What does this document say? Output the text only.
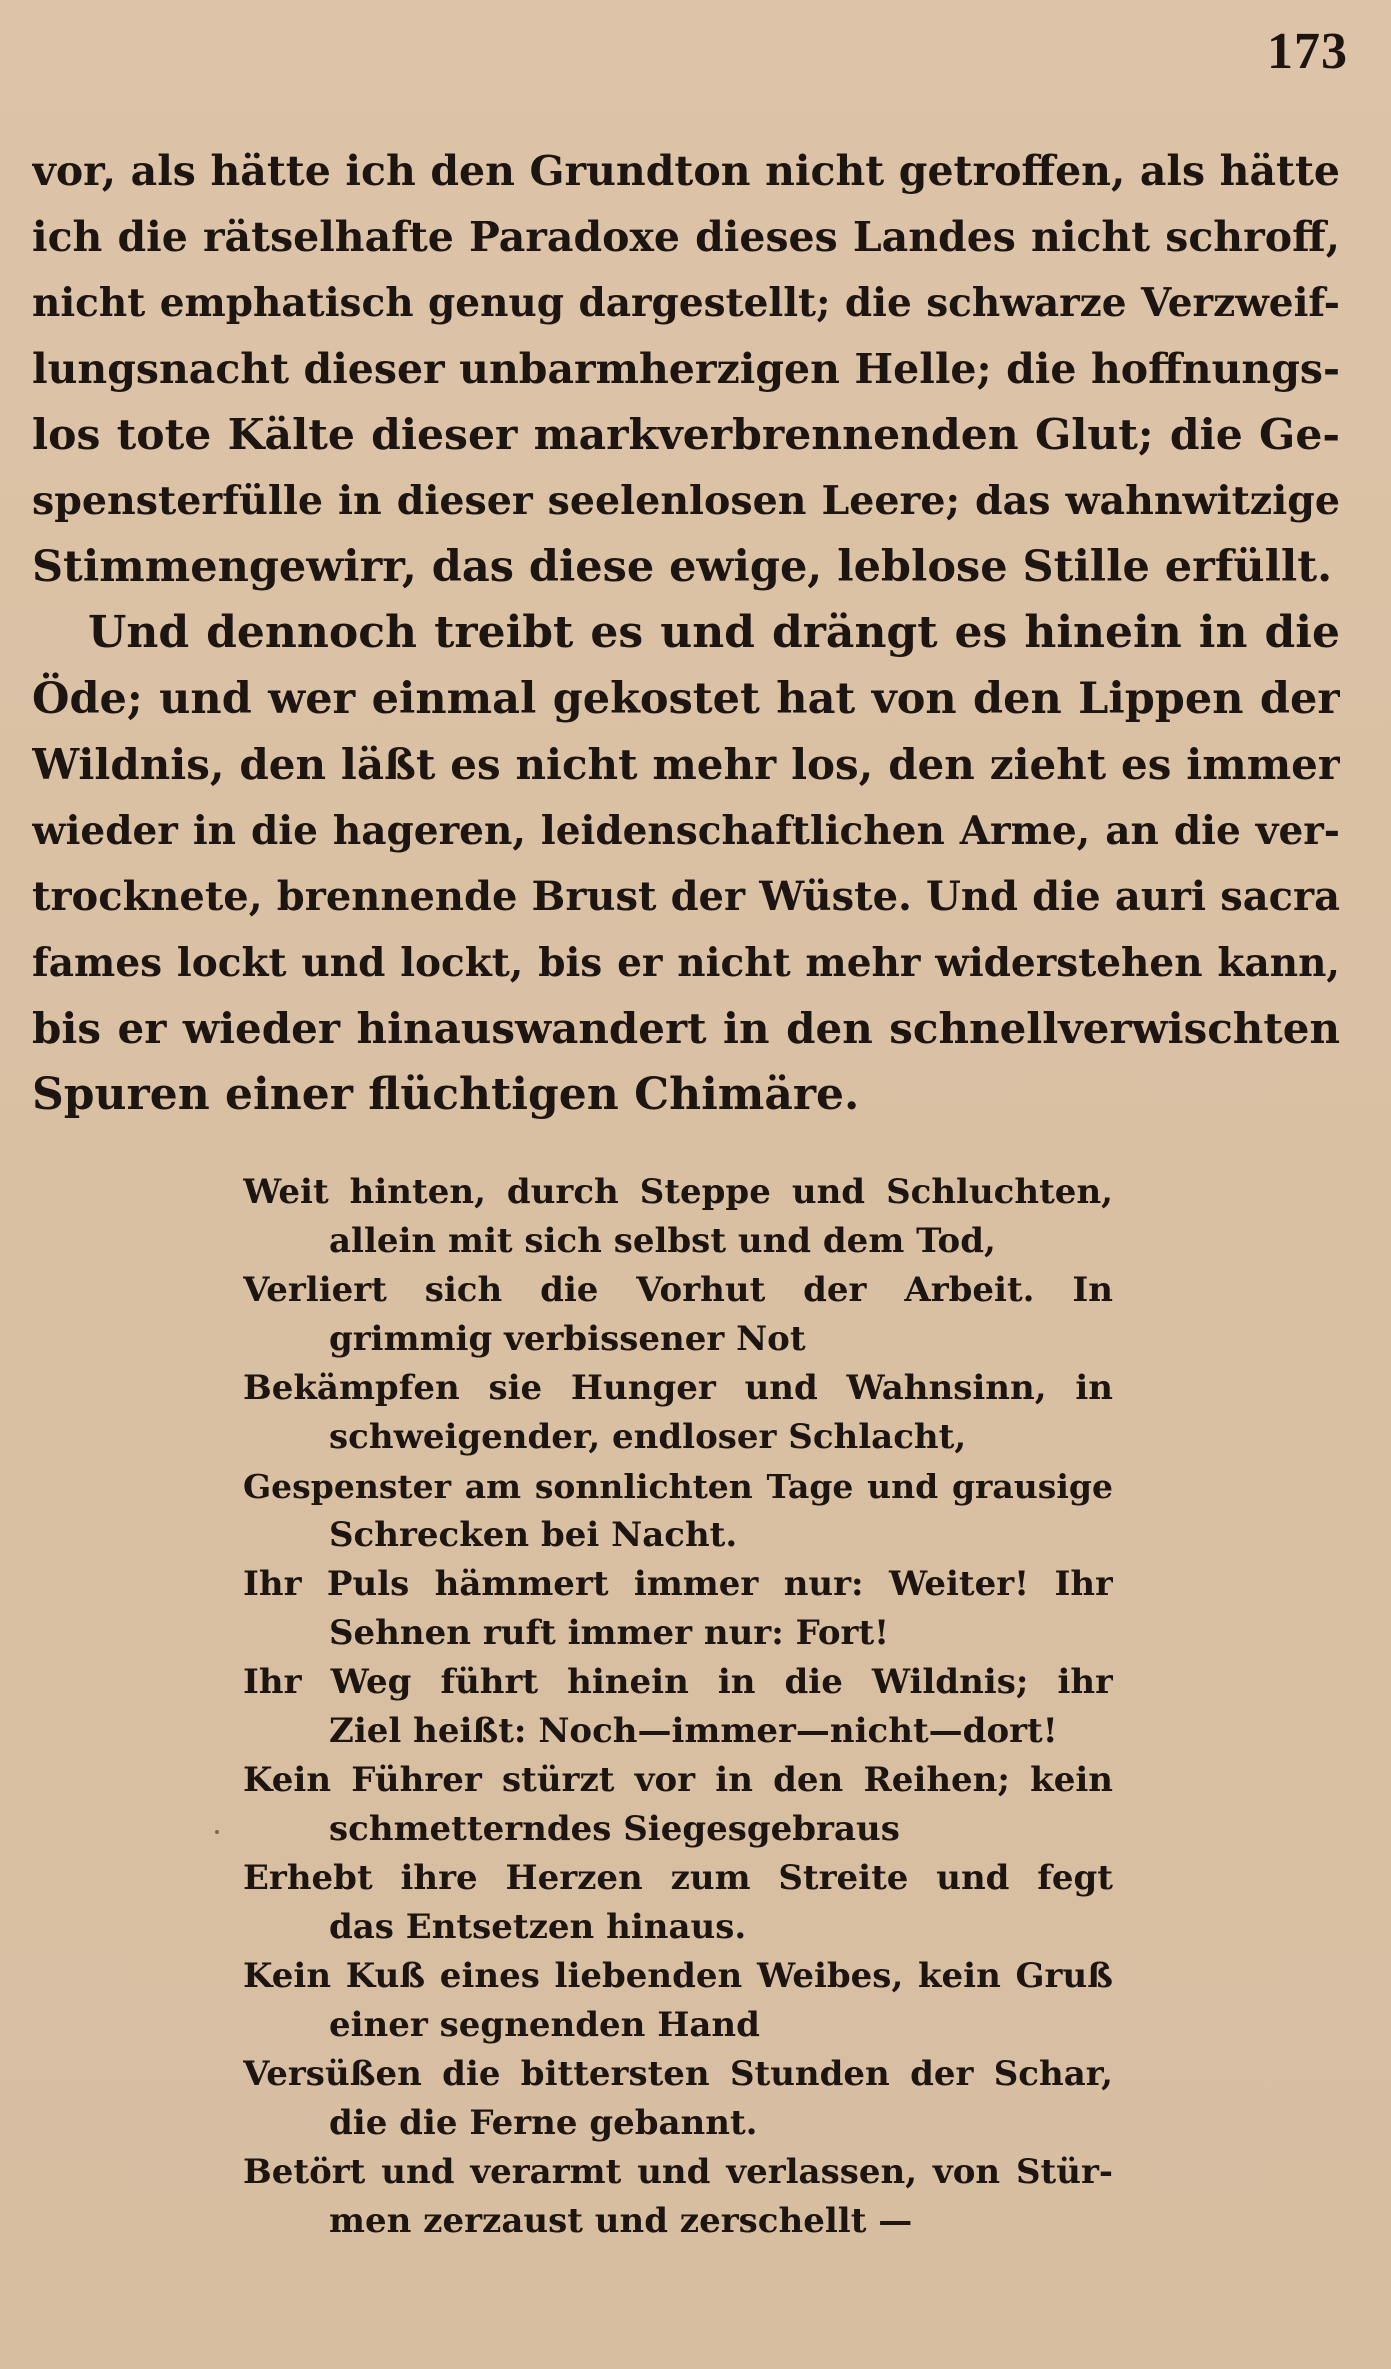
173
vor, als hätte ich den Grundton nicht getroffen, als hätte
ich die rätselhafte Paradoxe dieses Landes nicht schroff,
nicht emphatisch genug dargestellt; die schwarze Verzweif-
lungsnacht dieser unbarmherzigen Helle; die hoffnungs-
los tote Kälte dieser markverbrennenden Glut; die Ge-
spensterfülle in dieser seelenlosen Leere; das wahnwitzige
Stimmengewirr, das diese ewige, leblose Stille erfüllt.
Und dennoch treibt es und drängt es hinein in die
Öde; und wer einmal gekostet hat von den Lippen der
Wildnis, den läßt es nicht mehr los, den zieht es immer
wieder in die hageren, leidenschaftlichen Arme, an die ver-
trocknete, brennende Brust der Wüste. Und die auri sacra
fames lockt und lockt, bis er nicht mehr widerstehen kann,
bis er wieder hinauswandert in den schnellverwischten
Spuren einer flüchtigen Chimäre.
Weit hinten, durch Steppe und Schluchten,
allein mit sich selbst und dem Tod,
Verliert sich die Vorhut der Arbeit. In
grimmig verbissener Not
Bekämpfen sie Hunger und Wahnsinn, in
schweigender, endloser Schlacht,
Gespenster am sonnlichten Tage und grausige
Schrecken bei Nacht.
Ihr Puls hämmert immer nur: Weiter! Ihr
Sehnen ruft immer nur: Fort!
Ihr Weg führt hinein in die Wildnis; ihr
Ziel heißt: Noch—immer—nicht—dort!
Kein Führer stürzt vor in den Reihen; kein
schmetterndes Siegesgebraus
Erhebt ihre Herzen zum Streite und fegt
das Entsetzen hinaus.
Kein Kuß eines liebenden Weibes, kein Gruß
einer segnenden Hand
Versüßen die bittersten Stunden der Schar,
die die Ferne gebannt.
Betört und verarmt und verlassen, von Stür-
men zerzaust und zerschellt —
